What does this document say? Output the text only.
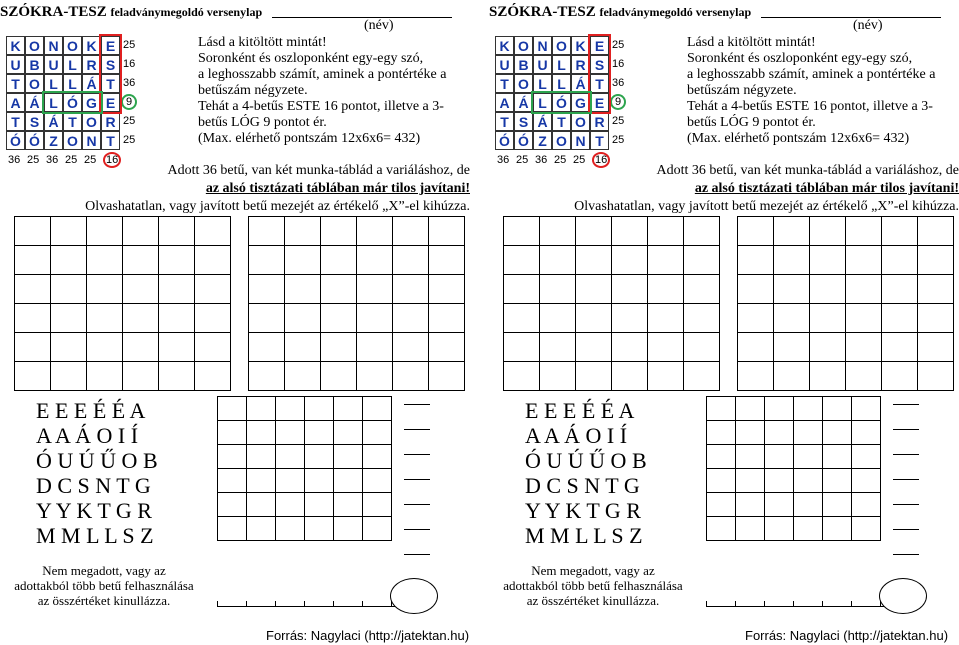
SZÓKRA-TESZ feladványmegoldó versenylap
(név)
K O N O K E 25
U B U L R S 16
T O L L Á T 36
A Á L Ó G E 9
T S Á T O R 25
Ó Ó Z O N T 25
36 25 36 25 25 16
Lásd a kitöltött mintát!
Soronként és oszloponként egy-egy szó,
a leghosszabb számít, aminek a pontértéke a
betűszám négyzete.
Tehát a 4-betűs ESTE 16 pontot, illetve a 3-
betűs LÓG 9 pontot ér.
(Max. elérhető pontszám 12x6x6= 432)
Adott 36 betű, van két munka-táblád a variáláshoz, de
az alsó tisztázati táblában már tilos javítani!
Olvashatatlan, vagy javított betű mezejét az értékelő „X”-el kihúzza.

E E E É É A
A A Á O I Í
Ó U Ú Ű O B
D C S N T G
Y Y K T G R
M M L L S Z

Nem megadott, vagy az adottakból több betű felhasználása az összértéket kinullázza.
Forrás: Nagylaci (http://jatektan.hu)
SZÓKRA-TESZ feladványmegoldó versenylap
(név)
K O N O K E 25
U B U L R S 16
T O L L Á T 36
A Á L Ó G E 9
T S Á T O R 25
Ó Ó Z O N T 25
36 25 36 25 25 16
Lásd a kitöltött mintát!
Soronként és oszloponként egy-egy szó,
a leghosszabb számít, aminek a pontértéke a
betűszám négyzete.
Tehát a 4-betűs ESTE 16 pontot, illetve a 3-
betűs LÓG 9 pontot ér.
(Max. elérhető pontszám 12x6x6= 432)
Adott 36 betű, van két munka-táblád a variáláshoz, de
az alsó tisztázati táblában már tilos javítani!
Olvashatatlan, vagy javított betű mezejét az értékelő „X”-el kihúzza.

E E E É É A
A A Á O I Í
Ó U Ú Ű O B
D C S N T G
Y Y K T G R
M M L L S Z

Nem megadott, vagy az adottakból több betű felhasználása az összértéket kinullázza.
Forrás: Nagylaci (http://jatektan.hu)
